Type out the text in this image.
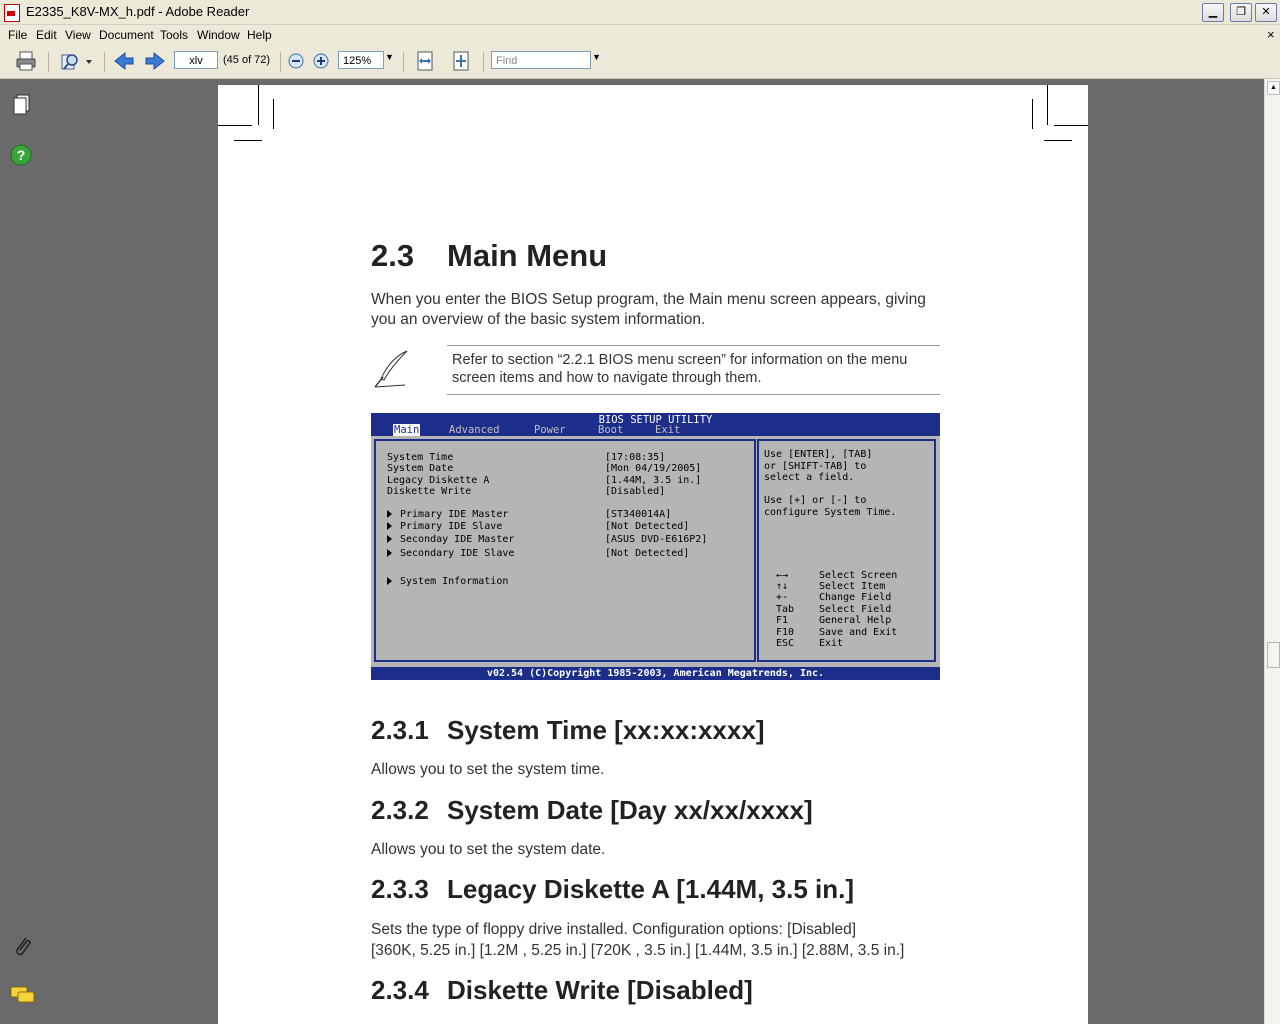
E2335_K8V-MX_h.pdf - Adobe Reader	▁	❐	✕
File Edit View Document Tools Window Help	×
xlv	(45 of 72)	125%	▼	Find	▼
?
2.3 Main Menu
When you enter the BIOS Setup program, the Main menu screen appears, giving you an overview of the basic system information.
Refer to section “2.2.1 BIOS menu screen” for information on the menu screen items and how to navigate through them.
BIOS SETUP UTILITY
Main	Advanced	Power	Boot	Exit
System Time	[17:08:35]
System Date	[Mon 04/19/2005]
Legacy Diskette A	[1.44M, 3.5 in.]
Diskette Write	[Disabled]
Primary IDE Master	[ST340014A]
Primary IDE Slave	[Not Detected]
Seconday IDE Master	[ASUS DVD-E616P2]
Secondary IDE Slave	[Not Detected]
System Information
Use [ENTER], [TAB]
or [SHIFT-TAB] to
select a field.
Use [+] or [-] to
configure System Time.
←→	Select Screen
↑↓	Select Item
+-	Change Field
Tab Select Field
F1	General Help
F10 Save and Exit
ESC Exit
v02.54 (C)Copyright 1985-2003, American Megatrends, Inc.
2.3.1 System Time [xx:xx:xxxx]
Allows you to set the system time.
2.3.2 System Date [Day xx/xx/xxxx]
Allows you to set the system date.
2.3.3 Legacy Diskette A [1.44M, 3.5 in.]
Sets the type of floppy drive installed. Configuration options: [Disabled]
[360K, 5.25 in.] [1.2M , 5.25 in.] [720K , 3.5 in.] [1.44M, 3.5 in.] [2.88M, 3.5 in.]
2.3.4 Diskette Write [Disabled]
▲
